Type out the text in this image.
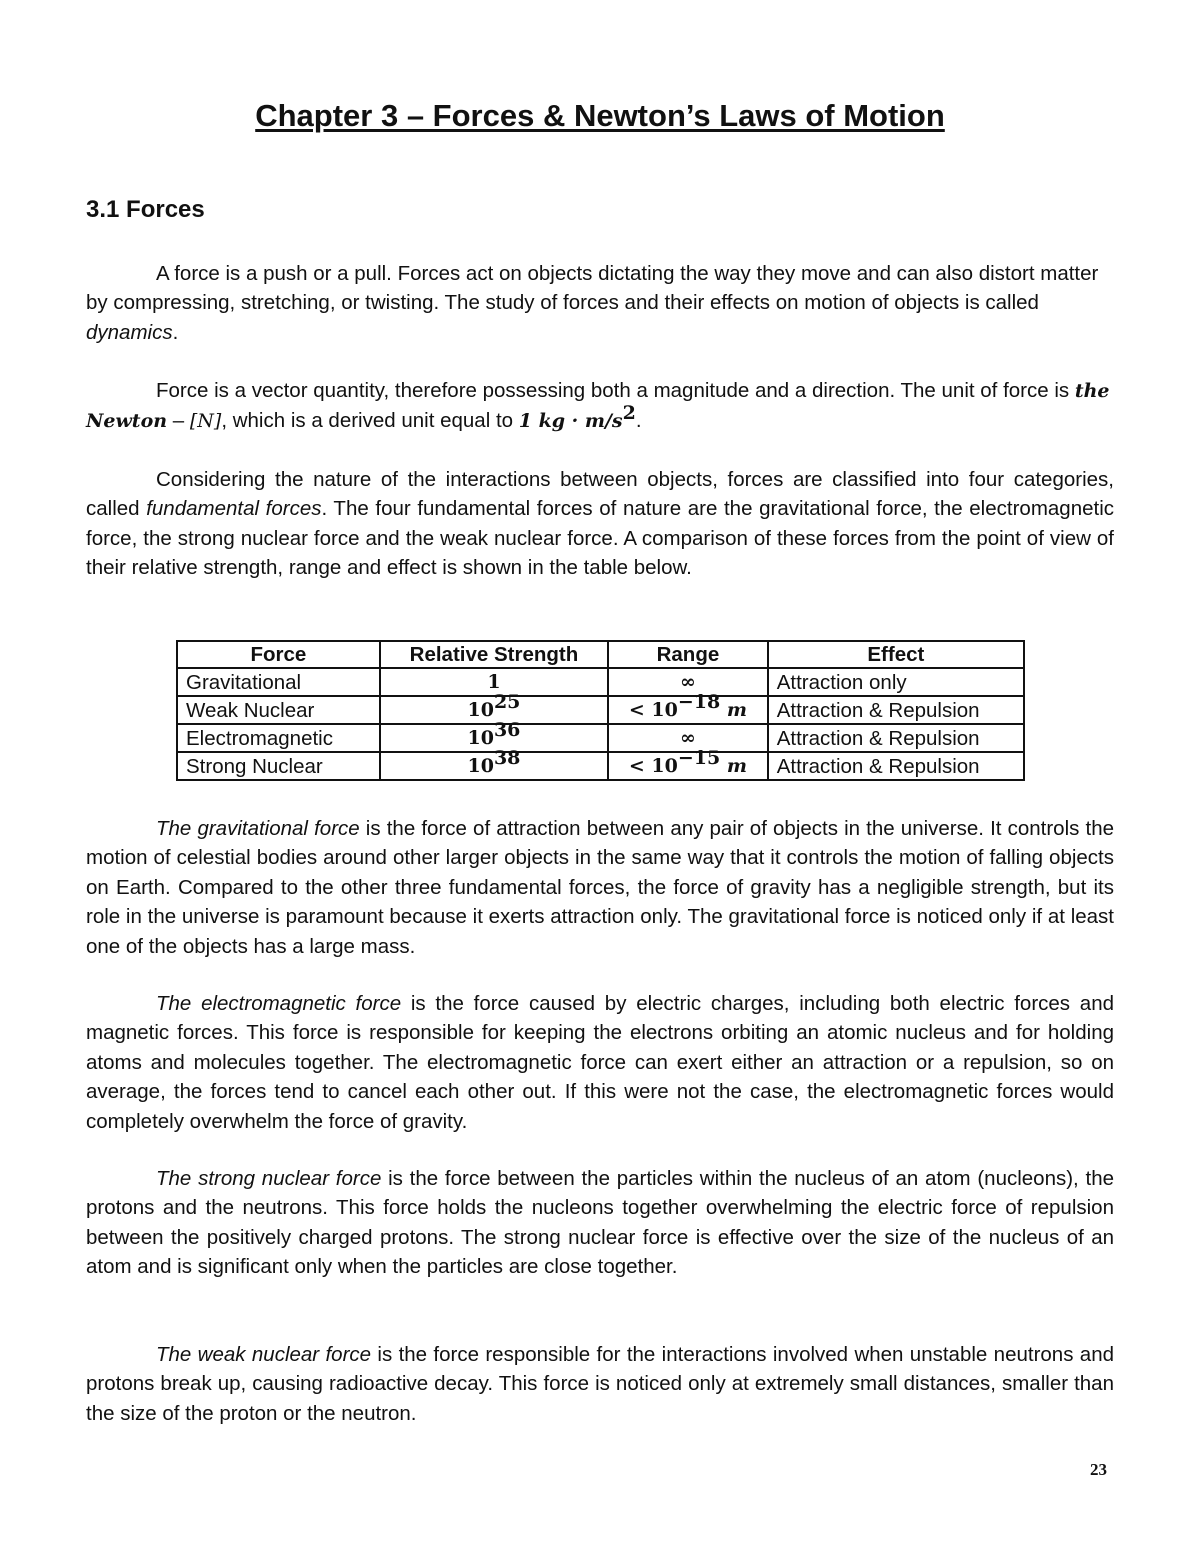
Chapter 3 – Forces & Newton’s Laws of Motion
3.1 Forces

A force is a push or a pull. Forces act on objects dictating the way they move and can also distort matter by compressing, stretching, or twisting. The study of forces and their effects on motion of objects is called dynamics.

Force is a vector quantity, therefore possessing both a magnitude and a direction. The unit of force is the Newton – [N], which is a derived unit equal to 1 kg · $m/s^2$.

Considering the nature of the interactions between objects, forces are classified into four categories, called fundamental forces. The four fundamental forces of nature are the gravitational force, the electromagnetic force, the strong nuclear force and the weak nuclear force. A comparison of these forces from the point of view of their relative strength, range and effect is shown in the table below.

Force	Relative Strength	Range	Effect
Gravitational	1	∞	Attraction only
Weak Nuclear	$10^{25}$	< $10^{-18}$ m	Attraction & Repulsion
Electromagnetic	$10^{36}$	∞	Attraction & Repulsion
Strong Nuclear	$10^{38}$	< $10^{-15}$ m	Attraction & Repulsion

The gravitational force is the force of attraction between any pair of objects in the universe. It controls the motion of celestial bodies around other larger objects in the same way that it controls the motion of falling objects on Earth. Compared to the other three fundamental forces, the force of gravity has a negligible strength, but its role in the universe is paramount because it exerts attraction only. The gravitational force is noticed only if at least one of the objects has a large mass.

The electromagnetic force is the force caused by electric charges, including both electric forces and magnetic forces. This force is responsible for keeping the electrons orbiting an atomic nucleus and for holding atoms and molecules together. The electromagnetic force can exert either an attraction or a repulsion, so on average, the forces tend to cancel each other out. If this were not the case, the electromagnetic forces would completely overwhelm the force of gravity.

The strong nuclear force is the force between the particles within the nucleus of an atom (nucleons), the protons and the neutrons. This force holds the nucleons together overwhelming the electric force of repulsion between the positively charged protons. The strong nuclear force is effective over the size of the nucleus of an atom and is significant only when the particles are close together.

The weak nuclear force is the force responsible for the interactions involved when unstable neutrons and protons break up, causing radioactive decay. This force is noticed only at extremely small distances, smaller than the size of the proton or the neutron.

23
